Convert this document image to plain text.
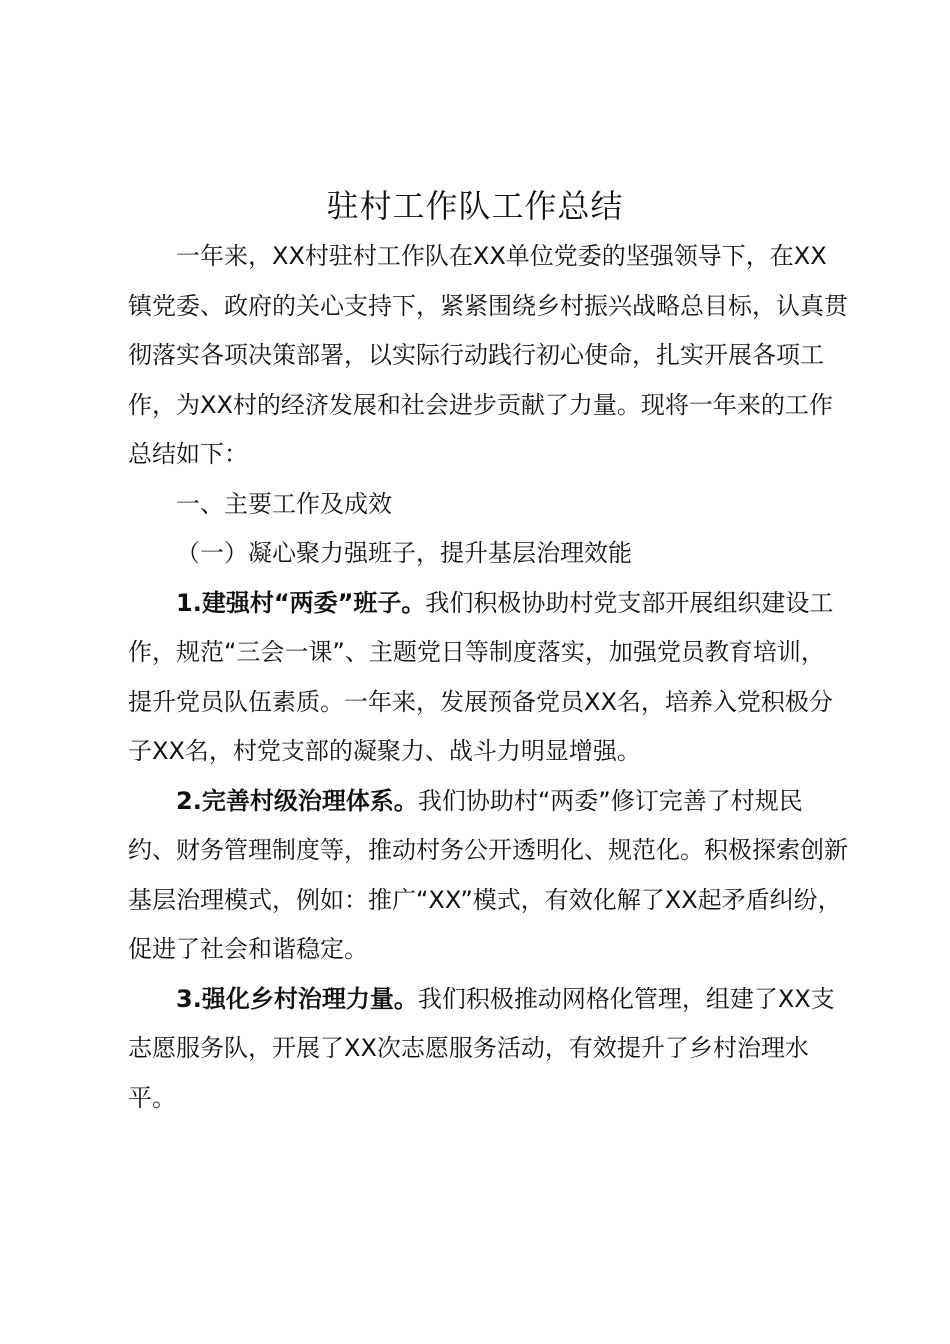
驻村工作队工作总结

一年来，XX村驻村工作队在XX单位党委的坚强领导下，在XX镇党委、政府的关心支持下，紧紧围绕乡村振兴战略总目标，认真贯彻落实各项决策部署，以实际行动践行初心使命，扎实开展各项工作，为XX村的经济发展和社会进步贡献了力量。现将一年来的工作总结如下：

一、主要工作及成效

（一）凝心聚力强班子，提升基层治理效能

1.建强村“两委”班子。我们积极协助村党支部开展组织建设工作，规范“三会一课”、主题党日等制度落实，加强党员教育培训，提升党员队伍素质。一年来，发展预备党员XX名，培养入党积极分子XX名，村党支部的凝聚力、战斗力明显增强。

2.完善村级治理体系。我们协助村“两委”修订完善了村规民约、财务管理制度等，推动村务公开透明化、规范化。积极探索创新基层治理模式，例如：推广“XX”模式，有效化解了XX起矛盾纠纷，促进了社会和谐稳定。

3.强化乡村治理力量。我们积极推动网格化管理，组建了XX支志愿服务队，开展了XX次志愿服务活动，有效提升了乡村治理水平。
